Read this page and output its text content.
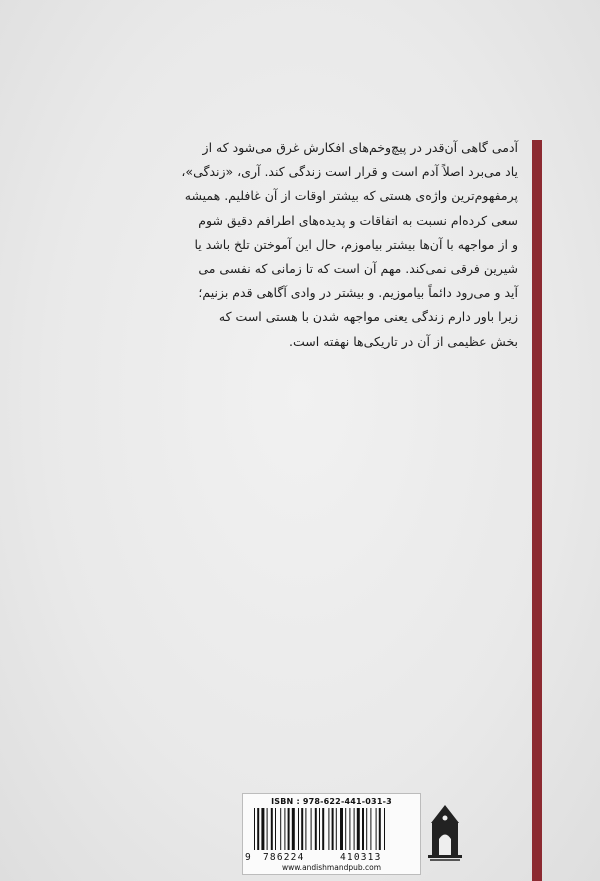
آدمی گاهی آن‌قدر در پیچ‌وخم‌های افکارش غرق می‌شود که از
یاد می‌برد اصلاً آدم است و قرار است زندگی کند. آری، «زندگی»،
پرمفهوم‌ترین واژه‌ی هستی که بیشتر اوقات از آن غافلیم. همیشه
سعی کرده‌ام نسبت به اتفاقات و پدیده‌های اطرافم دقیق شوم
و از مواجهه با آن‌ها بیشتر بیاموزم، حال این آموختن تلخ باشد یا
شیرین فرقی نمی‌کند. مهم آن است که تا زمانی که نفسی می
آید و می‌رود دائماً بیاموزیم. و بیشتر در وادی آگاهی قدم بزنیم؛
زیرا باور دارم زندگی یعنی مواجهه شدن با هستی است که
بخش عظیمی از آن در تاریکی‌ها نهفته است.
ISBN : 978-622-441-031-3
9 786224	410313
www.andishmandpub.com
